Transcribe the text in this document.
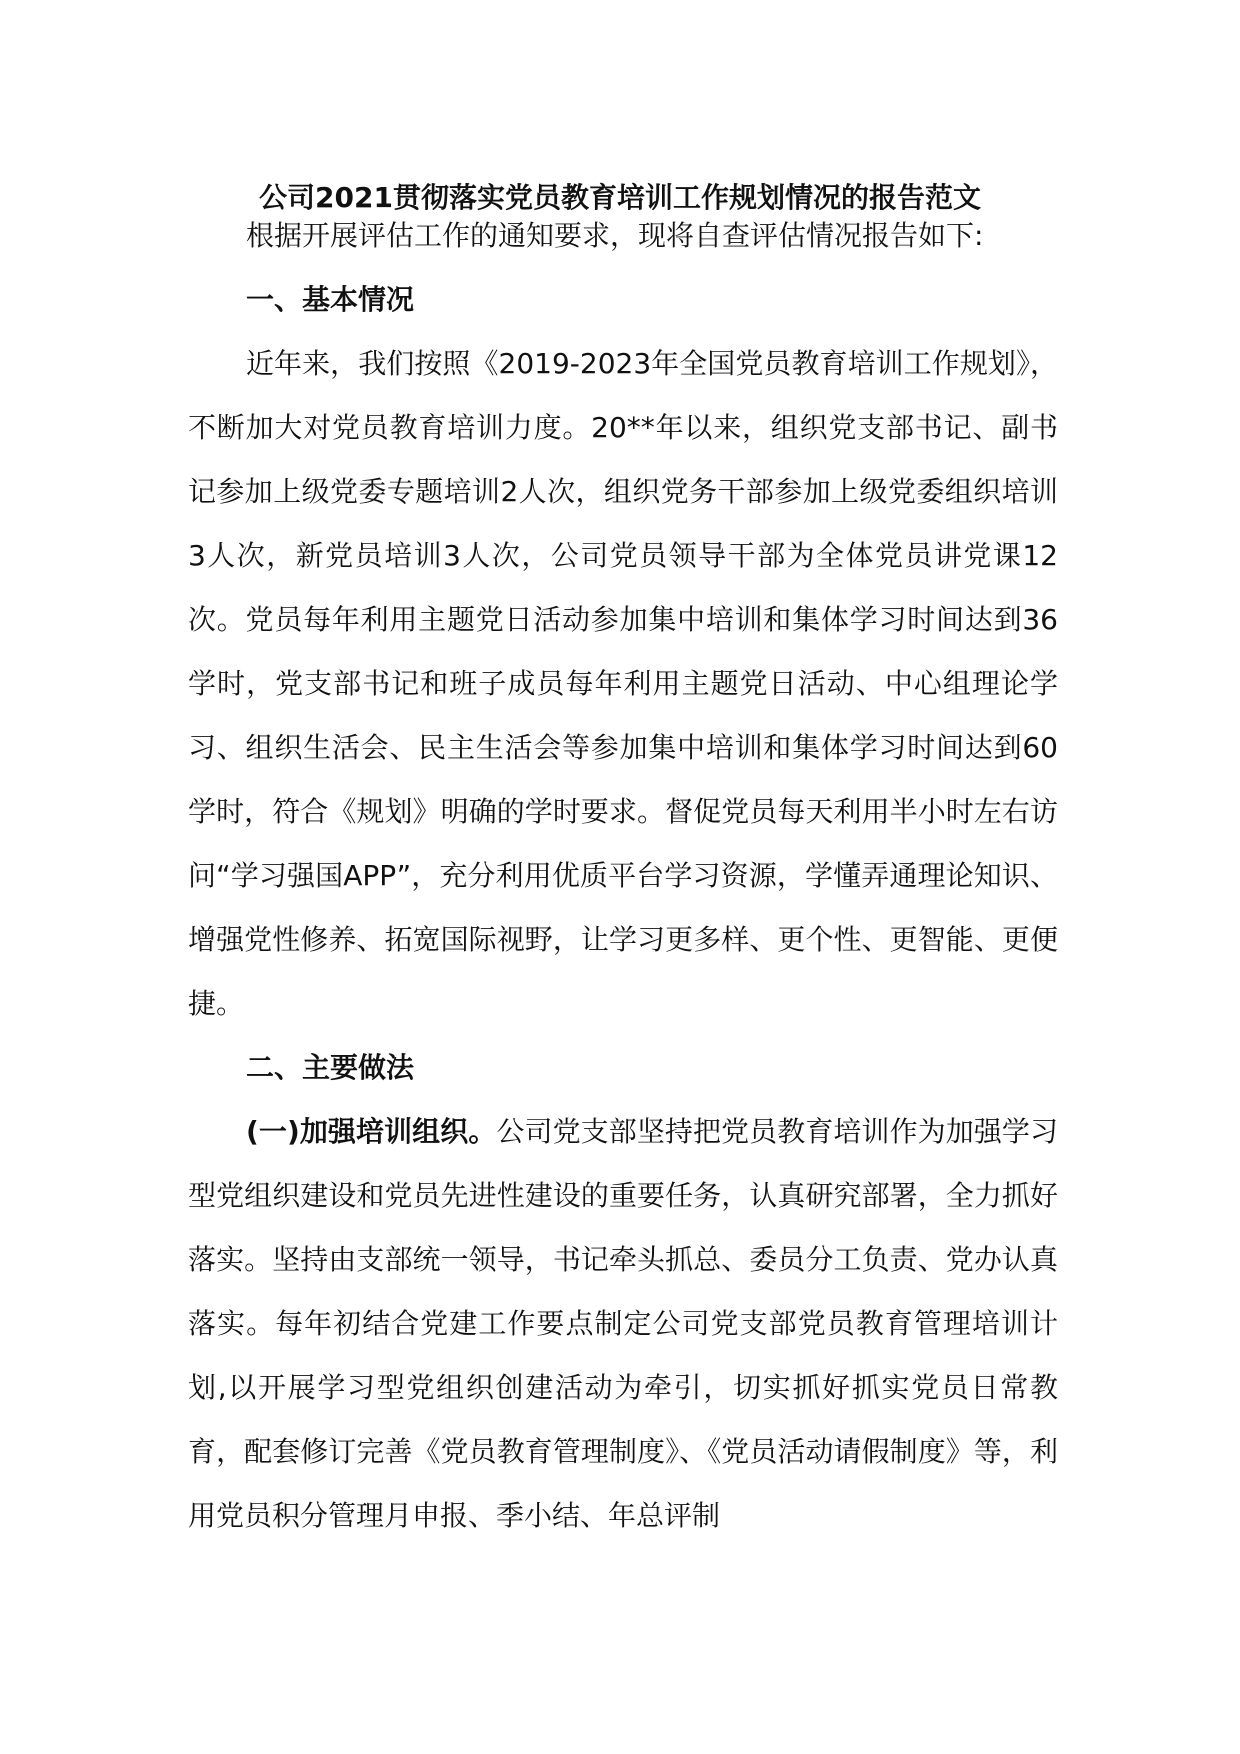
公司2021贯彻落实党员教育培训工作规划情况的报告范文

根据开展评估工作的通知要求，现将自查评估情况报告如下:

一、基本情况

近年来，我们按照《2019-2023年全国党员教育培训工作规划》，不断加大对党员教育培训力度。20**年以来，组织党支部书记、副书记参加上级党委专题培训2人次，组织党务干部参加上级党委组织培训3人次，新党员培训3人次，公司党员领导干部为全体党员讲党课12次。党员每年利用主题党日活动参加集中培训和集体学习时间达到36学时，党支部书记和班子成员每年利用主题党日活动、中心组理论学习、组织生活会、民主生活会等参加集中培训和集体学习时间达到60学时，符合《规划》明确的学时要求。督促党员每天利用半小时左右访问“学习强国APP”，充分利用优质平台学习资源，学懂弄通理论知识、增强党性修养、拓宽国际视野，让学习更多样、更个性、更智能、更便捷。

二、主要做法

(一)加强培训组织。公司党支部坚持把党员教育培训作为加强学习型党组织建设和党员先进性建设的重要任务，认真研究部署，全力抓好落实。坚持由支部统一领导，书记牵头抓总、委员分工负责、党办认真落实。每年初结合党建工作要点制定公司党支部党员教育管理培训计划,以开展学习型党组织创建活动为牵引，切实抓好抓实党员日常教育，配套修订完善《党员教育管理制度》、《党员活动请假制度》等，利用党员积分管理月申报、季小结、年总评制
